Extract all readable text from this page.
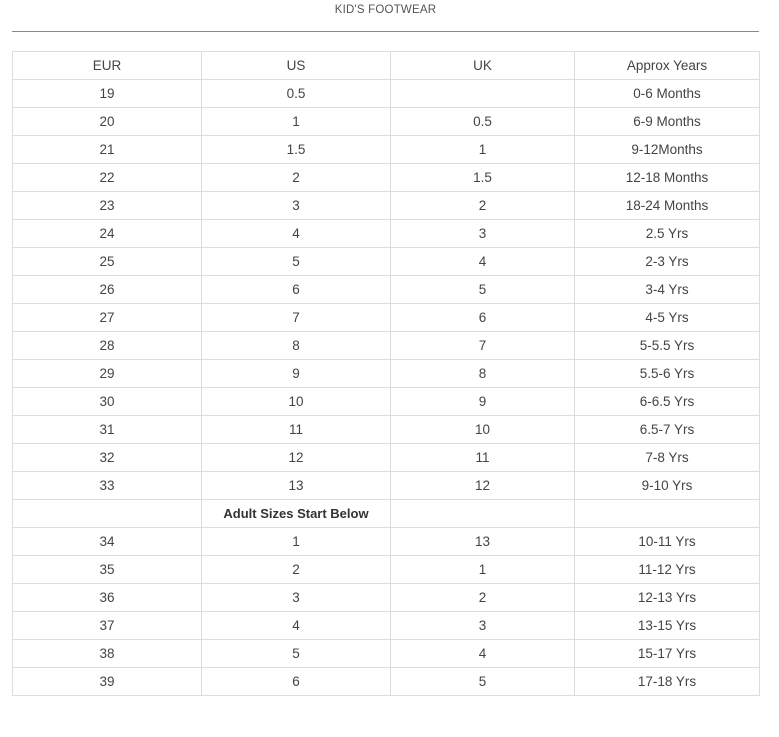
KID'S FOOTWEAR
EUR	US	UK	Approx Years
19	0.5		0-6 Months
20	1	0.5	6-9 Months
21	1.5	1	9-12Months
22	2	1.5	12-18 Months
23	3	2	18-24 Months
24	4	3	2.5 Yrs
25	5	4	2-3 Yrs
26	6	5	3-4 Yrs
27	7	6	4-5 Yrs
28	8	7	5-5.5 Yrs
29	9	8	5.5-6 Yrs
30	10	9	6-6.5 Yrs
31	11	10	6.5-7 Yrs
32	12	11	7-8 Yrs
33	13	12	9-10 Yrs
	Adult Sizes Start Below		
34	1	13	10-11 Yrs
35	2	1	11-12 Yrs
36	3	2	12-13 Yrs
37	4	3	13-15 Yrs
38	5	4	15-17 Yrs
39	6	5	17-18 Yrs
